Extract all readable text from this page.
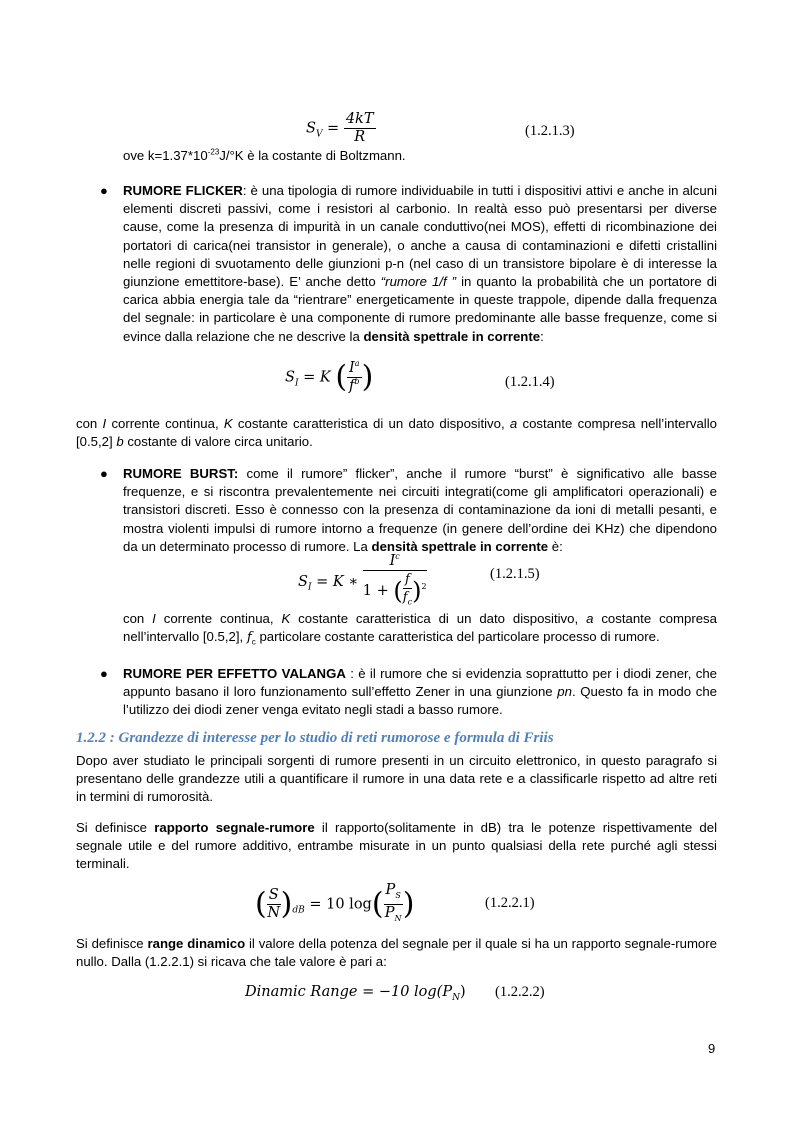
$S_V = \frac{4kT}{R}$	(1.2.1.3)
ove $k=1.37*10^{-23}J/^\circ K$ è la costante di Boltzmann.
● RUMORE FLICKER: è una tipologia di rumore individuabile in tutti i dispositivi attivi e anche in alcuni elementi discreti passivi, come i resistori al carbonio. In realtà esso può presentarsi per diverse cause, come la presenza di impurità in un canale conduttivo(nei MOS), effetti di ricombinazione dei portatori di carica(nei transistor in generale), o anche a causa di contaminazioni e difetti cristallini nelle regioni di svuotamento delle giunzioni p-n (nel caso di un transistore bipolare è di interesse la giunzione emettitore-base). E’ anche detto “rumore 1/f ” in quanto la probabilità che un portatore di carica abbia energia tale da “rientrare” energeticamente in queste trappole, dipende dalla frequenza del segnale: in particolare è una componente di rumore predominante alle basse frequenze, come si evince dalla relazione che ne descrive la densità spettrale in corrente:
$S_I = K$ ( $\frac{I^a}{f^b}$ )	(1.2.1.4)
con I corrente continua, K costante caratteristica di un dato dispositivo, a costante compresa nell’intervallo [0.5,2] b costante di valore circa unitario.
● RUMORE BURST: come il rumore” flicker”, anche il rumore “burst” è significativo alle basse frequenze, e si riscontra prevalentemente nei circuiti integrati(come gli amplificatori operazionali) e transistori discreti. Esso è connesso con la presenza di contaminazione da ioni di metalli pesanti, e mostra violenti impulsi di rumore intorno a frequenze (in genere dell’ordine dei KHz) che dipendono da un determinato processo di rumore. La densità spettrale in corrente è:
$S_I = K$ ∗ $\frac{I^c}{1 + ( \frac{f}{f_c} )^2}$	(1.2.1.5)
con I corrente continua, K costante caratteristica di un dato dispositivo, a costante compresa nell’intervallo [0.5,2], $f_c$ particolare costante caratteristica del particolare processo di rumore.
● RUMORE PER EFFETTO VALANGA : è il rumore che si evidenzia soprattutto per i diodi zener, che appunto basano il loro funzionamento sull’effetto Zener in una giunzione pn. Questo fa in modo che l’utilizzo dei diodi zener venga evitato negli stadi a basso rumore.
1.2.2 : Grandezze di interesse per lo studio di reti rumorose e formula di Friis
Dopo aver studiato le principali sorgenti di rumore presenti in un circuito elettronico, in questo paragrafo si presentano delle grandezze utili a quantificare il rumore in una data rete e a classificarle rispetto ad altre reti in termini di rumorosità.
Si definisce rapporto segnale-rumore il rapporto(solitamente in dB) tra le potenze rispettivamente del segnale utile e del rumore additivo, entrambe misurate in un punto qualsiasi della rete purché agli stessi terminali.
( $\frac{S}{N} )_{dB} = 10$ $\log( \frac{P_S}{P_N}$ )	(1.2.2.1)
Si definisce range dinamico il valore della potenza del segnale per il quale si ha un rapporto segnale-rumore nullo. Dalla (1.2.2.1) si ricava che tale valore è pari a:
Dinamic Range = −10 $\log(P_N)$ (1.2.2.2)
9
